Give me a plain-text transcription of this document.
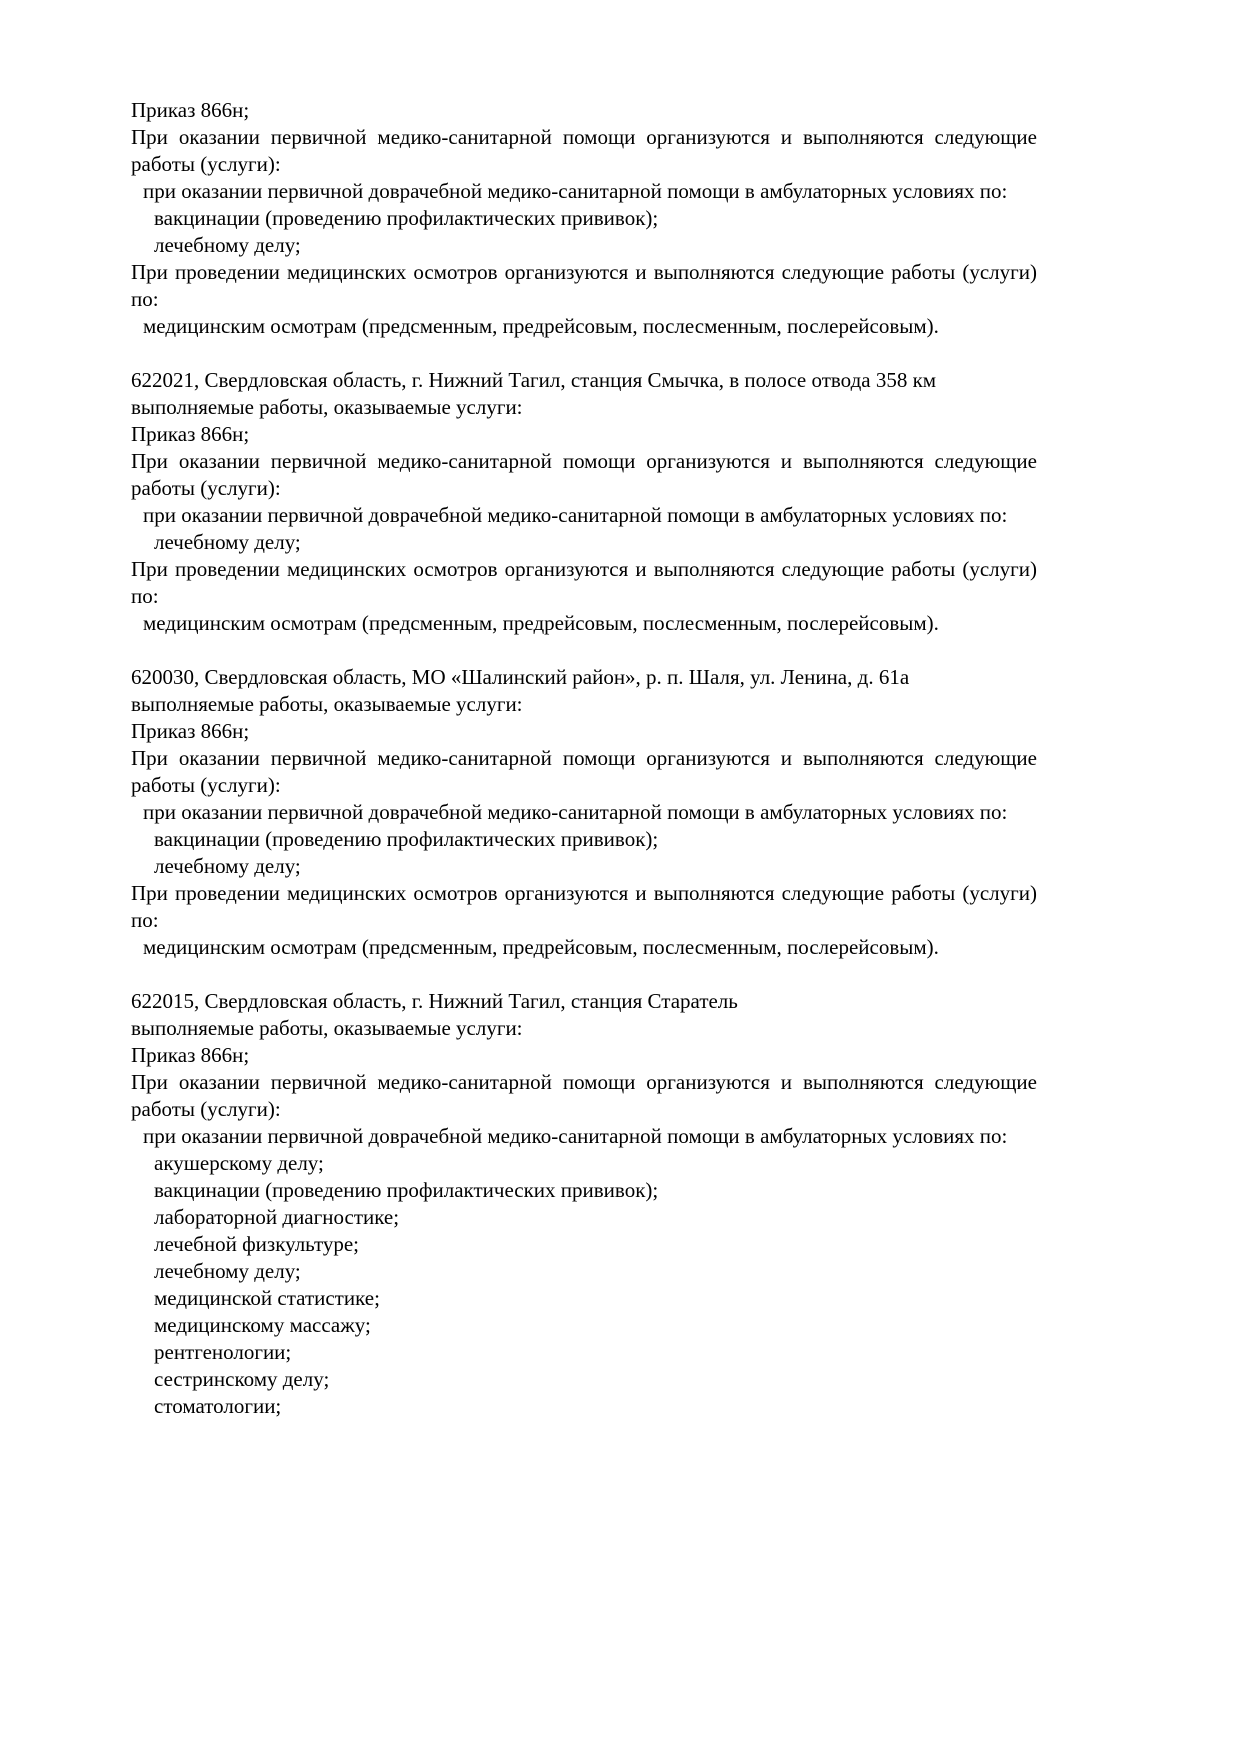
Приказ 866н;

При оказании первичной медико-санитарной помощи организуются и выполняются следующие работы (услуги):

при оказании первичной доврачебной медико-санитарной помощи в амбулаторных условиях по:

вакцинации (проведению профилактических прививок);

лечебному делу;

При проведении медицинских осмотров организуются и выполняются следующие работы (услуги) по:

медицинским осмотрам (предсменным, предрейсовым, послесменным, послерейсовым).

622021, Свердловская область, г. Нижний Тагил, станция Смычка, в полосе отвода 358 км

выполняемые работы, оказываемые услуги:

Приказ 866н;

При оказании первичной медико-санитарной помощи организуются и выполняются следующие работы (услуги):

при оказании первичной доврачебной медико-санитарной помощи в амбулаторных условиях по:

лечебному делу;

При проведении медицинских осмотров организуются и выполняются следующие работы (услуги) по:

медицинским осмотрам (предсменным, предрейсовым, послесменным, послерейсовым).

620030, Свердловская область, МО «Шалинский район», р. п. Шаля, ул. Ленина, д. 61а

выполняемые работы, оказываемые услуги:

Приказ 866н;

При оказании первичной медико-санитарной помощи организуются и выполняются следующие работы (услуги):

при оказании первичной доврачебной медико-санитарной помощи в амбулаторных условиях по:

вакцинации (проведению профилактических прививок);

лечебному делу;

При проведении медицинских осмотров организуются и выполняются следующие работы (услуги) по:

медицинским осмотрам (предсменным, предрейсовым, послесменным, послерейсовым).

622015, Свердловская область, г. Нижний Тагил, станция Старатель

выполняемые работы, оказываемые услуги:

Приказ 866н;

При оказании первичной медико-санитарной помощи организуются и выполняются следующие работы (услуги):

при оказании первичной доврачебной медико-санитарной помощи в амбулаторных условиях по:

акушерскому делу;

вакцинации (проведению профилактических прививок);

лабораторной диагностике;

лечебной физкультуре;

лечебному делу;

медицинской статистике;

медицинскому массажу;

рентгенологии;

сестринскому делу;

стоматологии;
